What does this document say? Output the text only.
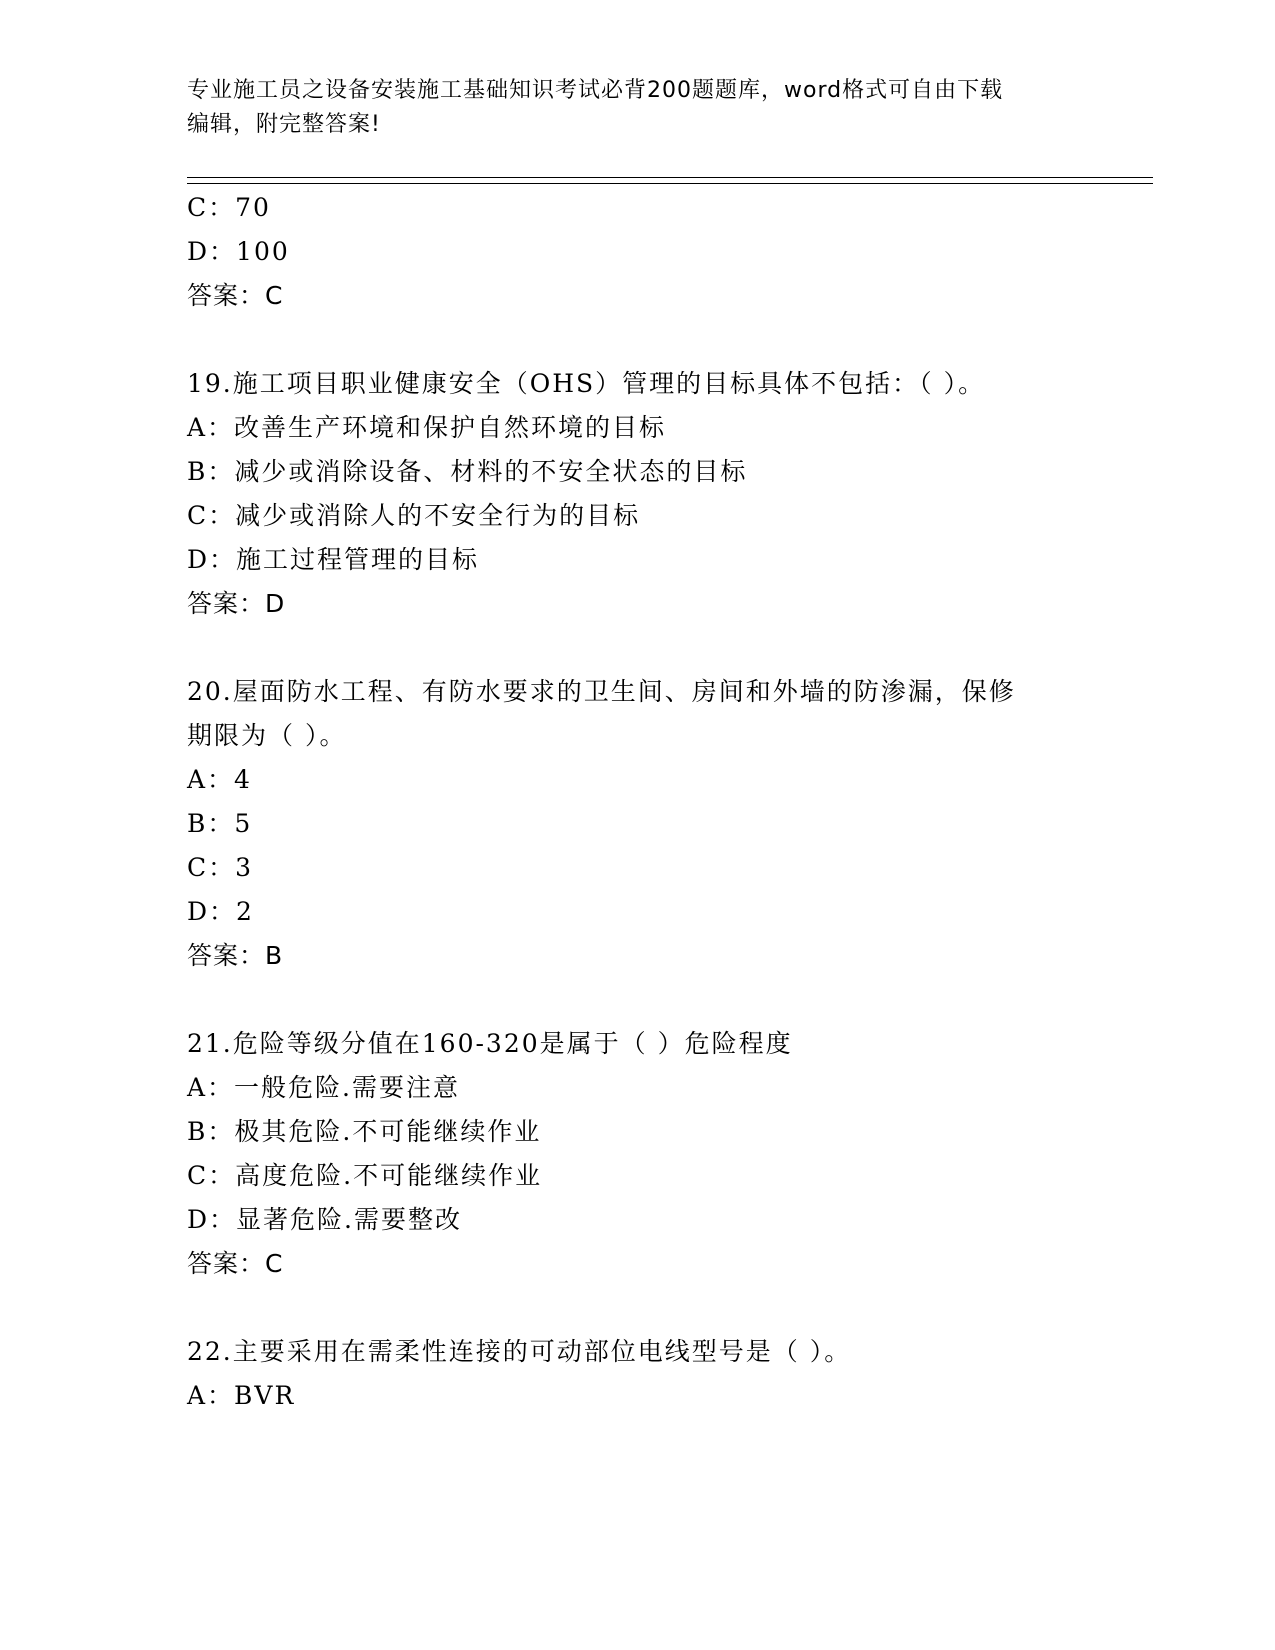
专业施工员之设备安装施工基础知识考试必背200题题库，word格式可自由下载
编辑，附完整答案!
C：70
D：100
答案：C
19.施工项目职业健康安全（OHS）管理的目标具体不包括：（ ）。
A：改善生产环境和保护自然环境的目标
B：减少或消除设备、材料的不安全状态的目标
C：减少或消除人的不安全行为的目标
D：施工过程管理的目标
答案：D
20.屋面防水工程、有防水要求的卫生间、房间和外墙的防渗漏，保修
期限为（ ）。
A：4
B：5
C：3
D：2
答案：B
21.危险等级分值在160-320是属于（ ）危险程度
A：一般危险.需要注意
B：极其危险.不可能继续作业
C：高度危险.不可能继续作业
D：显著危险.需要整改
答案：C
22.主要采用在需柔性连接的可动部位电线型号是（ ）。
A：BVR
